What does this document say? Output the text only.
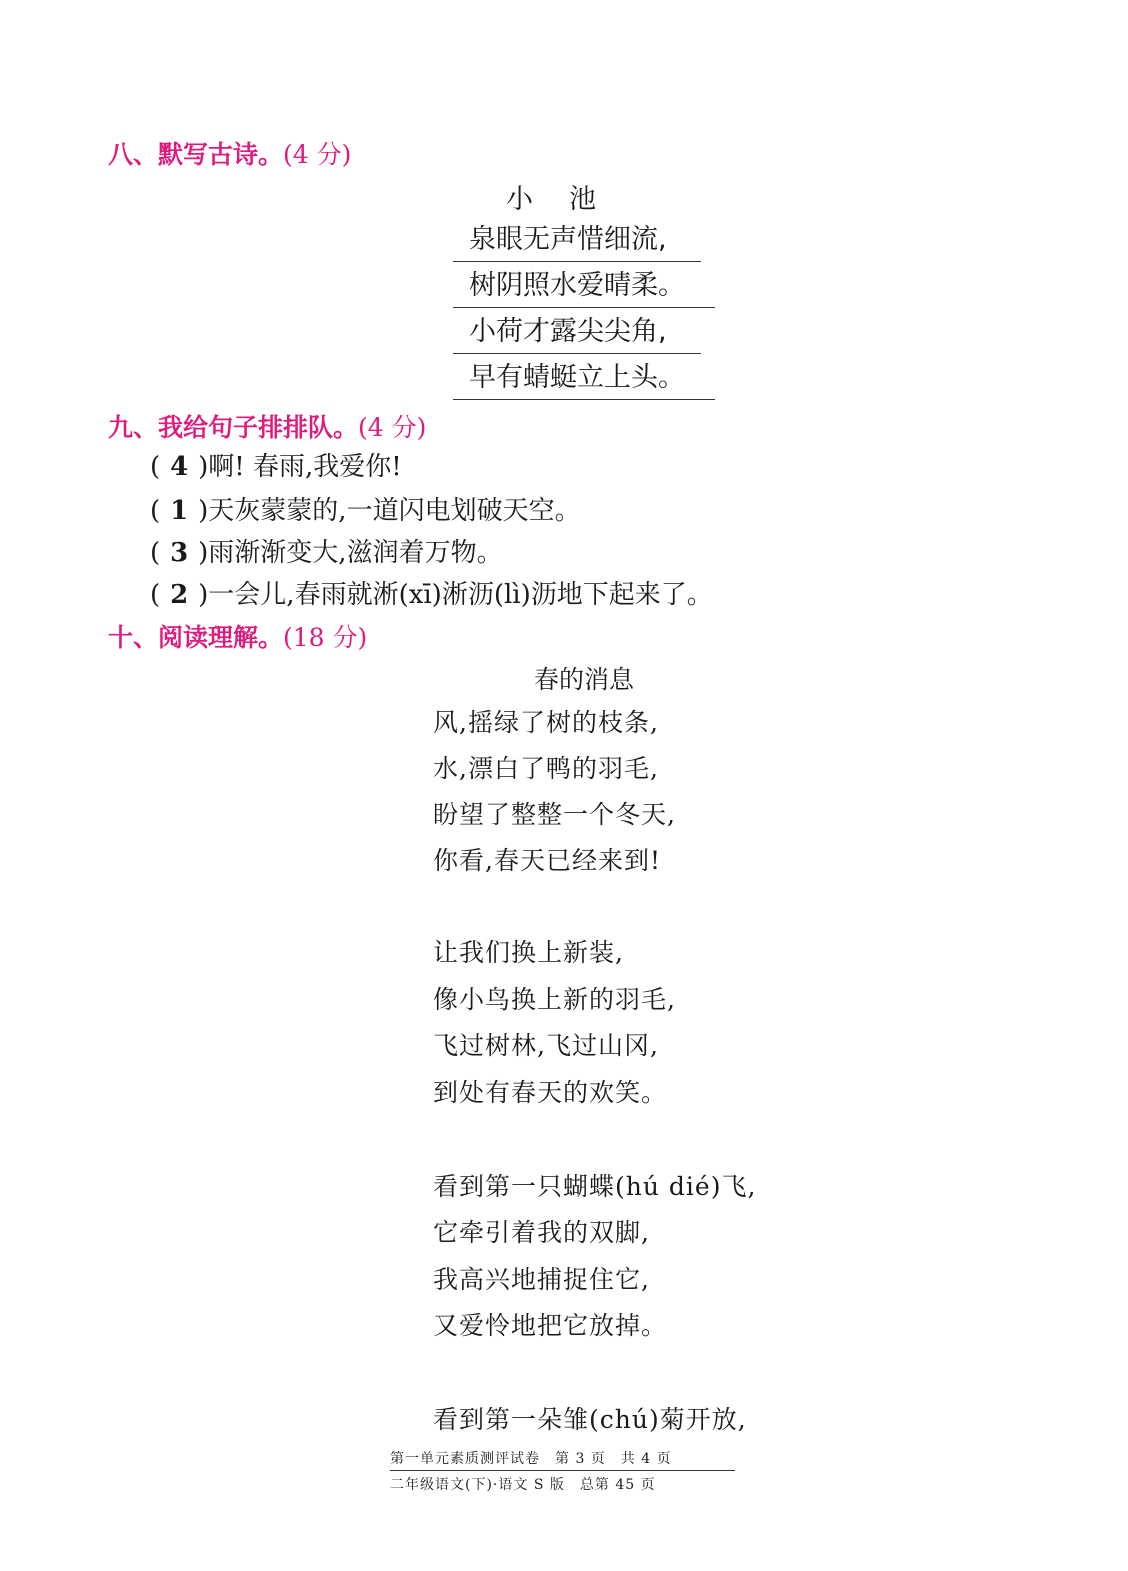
八、默写古诗。(4 分)
小池
泉眼无声惜细流,
树阴照水爱晴柔。
小荷才露尖尖角,
早有蜻蜓立上头。
九、我给句子排排队。(4 分)
( 4 )啊! 春雨,我爱你!
( 1 )天灰蒙蒙的,一道闪电划破天空。
( 3 )雨渐渐变大,滋润着万物。
( 2 )一会儿,春雨就淅(xī)淅沥(lì)沥地下起来了。
十、阅读理解。(18 分)
春的消息
风,摇绿了树的枝条,
水,漂白了鸭的羽毛,
盼望了整整一个冬天,
你看,春天已经来到!
让我们换上新装,
像小鸟换上新的羽毛,
飞过树林,飞过山冈,
到处有春天的欢笑。
看到第一只蝴蝶(hú dié)飞,
它牵引着我的双脚,
我高兴地捕捉住它,
又爱怜地把它放掉。
看到第一朵雏(chú)菊开放,
第一单元素质测评试卷　第 3 页　共 4 页
二年级语文(下)·语文 S 版　总第 45 页
